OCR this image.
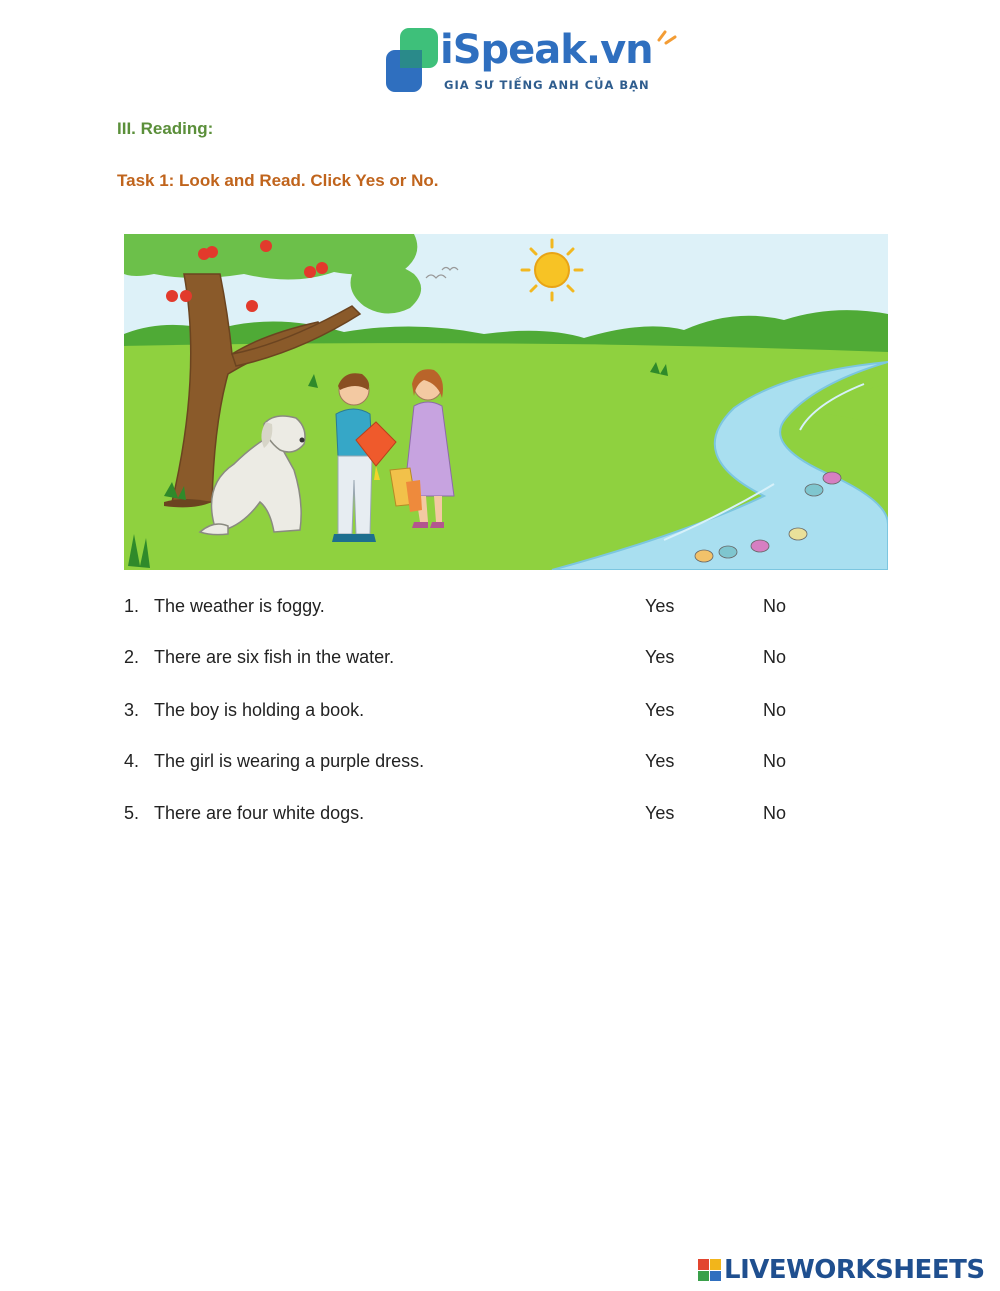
iSpeak.vn
GIA SƯ TIẾNG ANH CỦA BẠN
III. Reading:
Task 1: Look and Read. Click Yes or No.
1. The weather is foggy.	Yes	No
2. There are six fish in the water.	Yes	No
3. The boy is holding a book.	Yes	No
4. The girl is wearing a purple dress.	Yes	No
5. There are four white dogs.	Yes	No
LIVEWORKSHEETS
